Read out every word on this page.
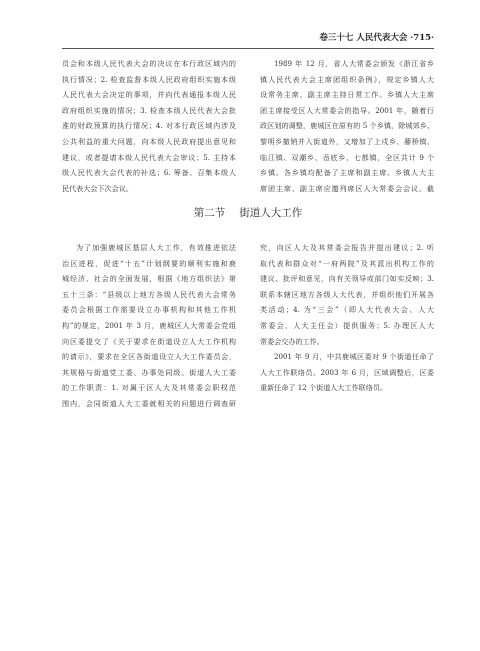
卷三十七 人民代表大会 ·715·
员会和本级人民代表大会的决议在本行政区域内的
执行情况；2. 检查监督本级人民政府组织实施本级
人民代表大会决定的事项，并向代表通报本级人民
政府组织实施的情况；3. 检查本级人民代表大会批
准的财政预算的执行情况；4. 对本行政区域内涉及
公共利益的重大问题，向本级人民政府提出意见和
建议，或者提请本级人民代表大会审议；5. 主持本
级人民代表大会代表的补选；6. 筹备、召集本级人
民代表大会下次会议。
1989 年 12 月，省人大常委会颁发《浙江省乡
镇人民代表大会主席团组织条例》，规定乡镇人大
设常务主席、副主席主持日常工作。乡镇人大主席
团主席接受区人大常委会的指导。2001 年，随着行
政区划的调整，鹿城区在原有的 5 个乡镇，除城郊乡、
黎明乡撤销并入街道外，又增加了上戍乡、藤桥镇、
临江镇、双潮乡、岙底乡、七都镇，全区共计 9 个
乡镇。各乡镇均配备了主席和副主席。乡镇人大主
席团主席、副主席应邀列席区人大常委会会议。截
第二节 街道人大工作
为了加强鹿城区基层人大工作，有效推进依法
治区进程，促进“十五”计划纲要的顺利实施和鹿
城经济、社会的全面发展，根据《地方组织法》第
五十三条：“县级以上地方各级人民代表大会常务
委员会根据工作需要设立办事机构和其他工作机
构”的规定，2001 年 3 月，鹿城区人大常委会党组
向区委提交了《关于要求在街道设立人大工作机构
的请示》，要求在全区各街道设立人大工作委员会，
其规格与街道党工委、办事处同级。街道人大工委
的工作职责：1. 对属于区人大及其常委会职权范
围内，会同街道人大工委就相关的问题进行调查研
究，向区人大及其常委会报告并提出建议；2. 听
取代表和群众对“一府两院”及其派出机构工作的
建议、批评和意见，向有关领导或部门如实反映；3.
联系本辖区地方各级人大代表，并组织他们开展各
类活动；4. 为“三会”（即人大代表大会、人大
常委会、人大主任会）提供服务；5. 办理区人大
常委会交办的工作。
2001 年 9 月，中共鹿城区委对 9 个街道任命了
人大工作联络员。2003 年 6 月，区域调整后，区委
重新任命了 12 个街道人大工作联络员。
